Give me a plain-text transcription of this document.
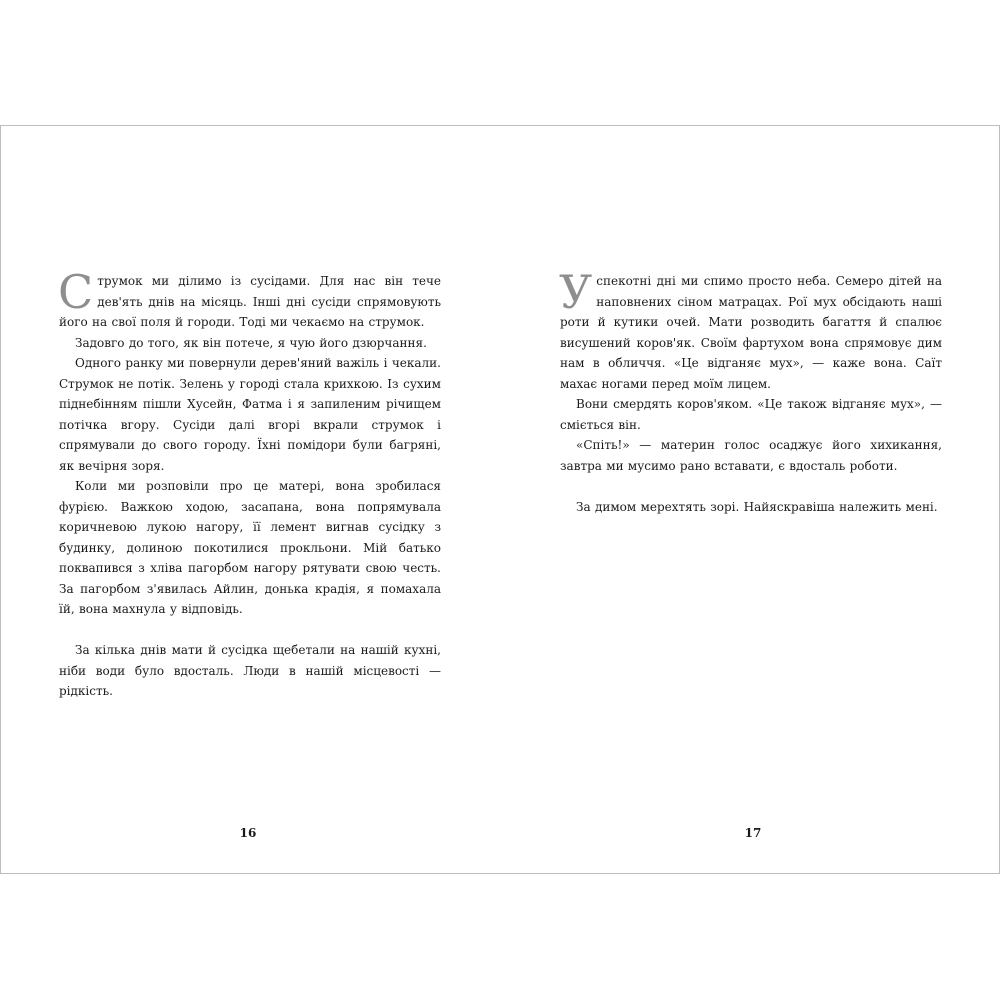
Струмок ми ділимо із сусідами. Для нас він тече дев'ять днів на місяць. Інші дні сусіди спрямовують його на свої поля й городи. Тоді ми чекаємо на струмок.

Задовго до того, як він потече, я чую його дзюрчання.

Одного ранку ми повернули дерев'яний важіль і чекали. Струмок не потік. Зелень у городі стала крихкою. Із сухим піднебінням пішли Хусейн, Фатма і я запиленим річищем потічка вгору. Сусіди далі вгорі вкрали струмок і спрямували до свого городу. Їхні помідори були багряні, як вечірня зоря.

Коли ми розповіли про це матері, вона зробилася фурією. Важкою ходою, засапана, вона попрямувала коричневою лукою нагору, її лемент вигнав сусідку з будинку, долиною покотилися прокльони. Мій батько поквапився з хліва пагорбом нагору рятувати свою честь. За пагорбом з'явилась Айлин, донька крадія, я помахала їй, вона махнула у відповідь.

За кілька днів мати й сусідка щебетали на нашій кухні, ніби води було вдосталь. Люди в нашій місцевості — рідкість.

16

У спекотні дні ми спимо просто неба. Семеро дітей на наповнених сіном матрацах. Рої мух обсідають наші роти й кутики очей. Мати розводить багаття й спалює висушений коров'як. Своїм фартухом вона спрямовує дим нам в обличчя. «Це відганяє мух», — каже вона. Саїт махає ногами перед моїм лицем.

Вони смердять коров'яком. «Це також відганяє мух», — сміється він.

«Спіть!» — материн голос осаджує його хихикання, завтра ми мусимо рано вставати, є вдосталь роботи.

За димом мерехтять зорі. Найяскравіша належить мені.

17
